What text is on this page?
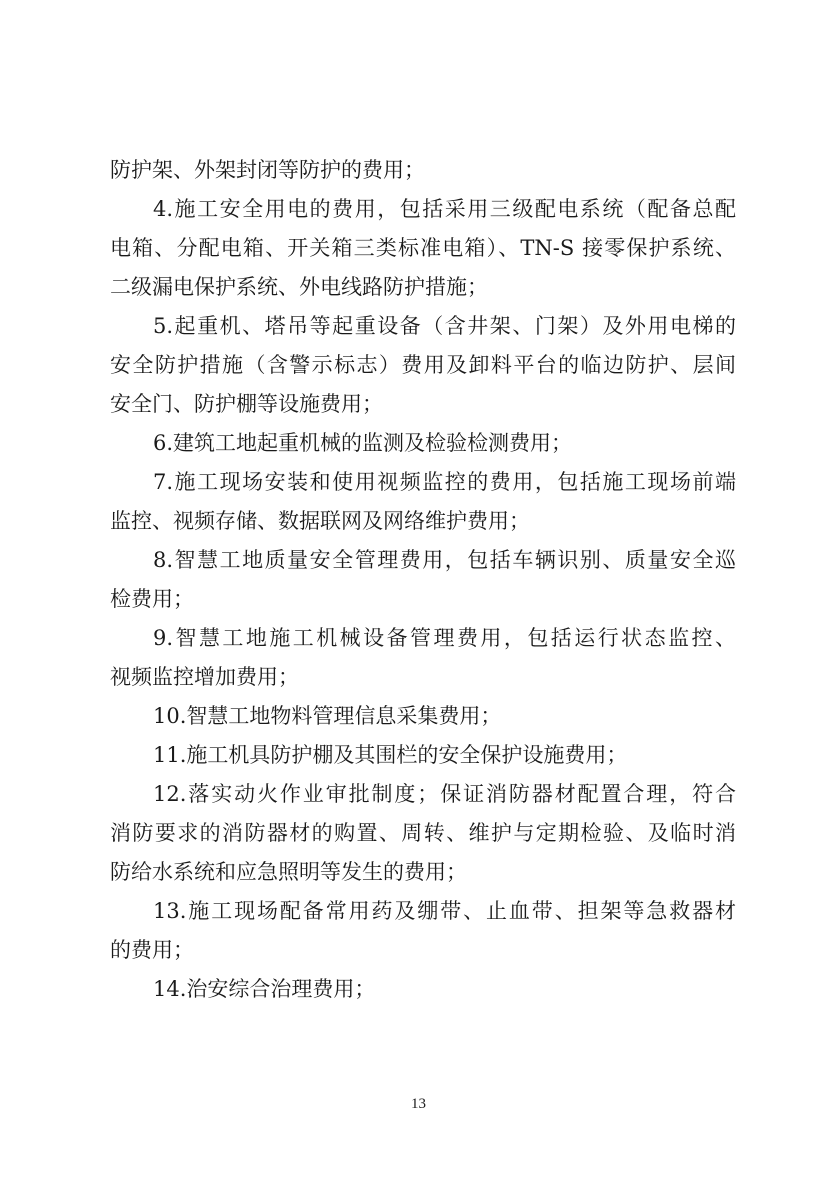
防护架、外架封闭等防护的费用；
4.施工安全用电的费用，包括采用三级配电系统（配备总配
电箱、分配电箱、开关箱三类标准电箱）、TN-S 接零保护系统、
二级漏电保护系统、外电线路防护措施；
5.起重机、塔吊等起重设备（含井架、门架）及外用电梯的
安全防护措施（含警示标志）费用及卸料平台的临边防护、层间
安全门、防护棚等设施费用；
6.建筑工地起重机械的监测及检验检测费用；
7.施工现场安装和使用视频监控的费用，包括施工现场前端
监控、视频存储、数据联网及网络维护费用；
8.智慧工地质量安全管理费用，包括车辆识别、质量安全巡
检费用；
9.智慧工地施工机械设备管理费用，包括运行状态监控、
视频监控增加费用；
10.智慧工地物料管理信息采集费用；
11.施工机具防护棚及其围栏的安全保护设施费用；
12.落实动火作业审批制度；保证消防器材配置合理，符合
消防要求的消防器材的购置、周转、维护与定期检验、及临时消
防给水系统和应急照明等发生的费用；
13.施工现场配备常用药及绷带、止血带、担架等急救器材
的费用；
14.治安综合治理费用；
13
